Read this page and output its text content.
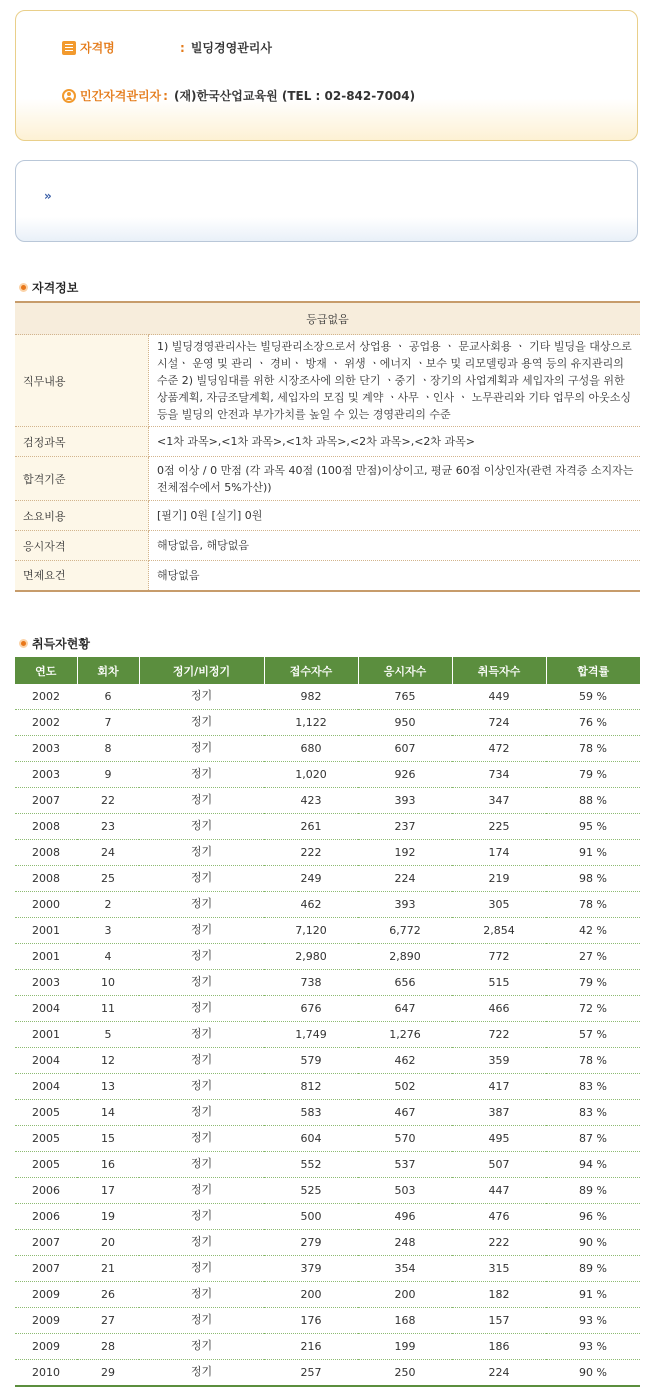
자격명	: 빌딩경영관리사
민간자격관리자 : (재)한국산업교육원 (TEL : 02-842-7004)
»
자격정보
등급없음	
직무내용	1) 빌딩경영관리사는 빌딩관리소장으로서 상업용 ㆍ 공업용 ㆍ 문교사회용 ㆍ 기타 빌딩을 대상으로 시설ㆍ 운영 및 관리 ㆍ 경비ㆍ 방재 ㆍ 위생 ㆍ에너지 ㆍ보수 및 리모델링과 용역 등의 유지관리의 수준 2) 빌딩임대를 위한 시장조사에 의한 단기 ㆍ중기 ㆍ장기의 사업계획과 세입자의 구성을 위한 상품계획, 자금조달계획, 세입자의 모집 및 계약 ㆍ사무 ㆍ인사 ㆍ 노무관리와 기타 업무의 아웃소싱 등을 빌딩의 안전과 부가가치를 높일 수 있는 경영관리의 수준
검정과목	<1차 과목>,<1차 과목>,<1차 과목>,<2차 과목>,<2차 과목>
합격기준	0점 이상 / 0 만점 (각 과목 40점 (100점 만점)이상이고, 평균 60점 이상인자(관련 자격증 소지자는 전체점수에서 5%가산))
소요비용	[필기] 0원 [실기] 0원
응시자격	해당없음, 해당없음
면제요건	해당없음
취득자현황
연도	회차	정기/비정기	접수자수	응시자수	취득자수	합격률
2002	6	정기	982	765	449	59 %
2002	7	정기	1,122	950	724	76 %
2003	8	정기	680	607	472	78 %
2003	9	정기	1,020	926	734	79 %
2007	22	정기	423	393	347	88 %
2008	23	정기	261	237	225	95 %
2008	24	정기	222	192	174	91 %
2008	25	정기	249	224	219	98 %
2000	2	정기	462	393	305	78 %
2001	3	정기	7,120	6,772	2,854	42 %
2001	4	정기	2,980	2,890	772	27 %
2003	10	정기	738	656	515	79 %
2004	11	정기	676	647	466	72 %
2001	5	정기	1,749	1,276	722	57 %
2004	12	정기	579	462	359	78 %
2004	13	정기	812	502	417	83 %
2005	14	정기	583	467	387	83 %
2005	15	정기	604	570	495	87 %
2005	16	정기	552	537	507	94 %
2006	17	정기	525	503	447	89 %
2006	19	정기	500	496	476	96 %
2007	20	정기	279	248	222	90 %
2007	21	정기	379	354	315	89 %
2009	26	정기	200	200	182	91 %
2009	27	정기	176	168	157	93 %
2009	28	정기	216	199	186	93 %
2010	29	정기	257	250	224	90 %
